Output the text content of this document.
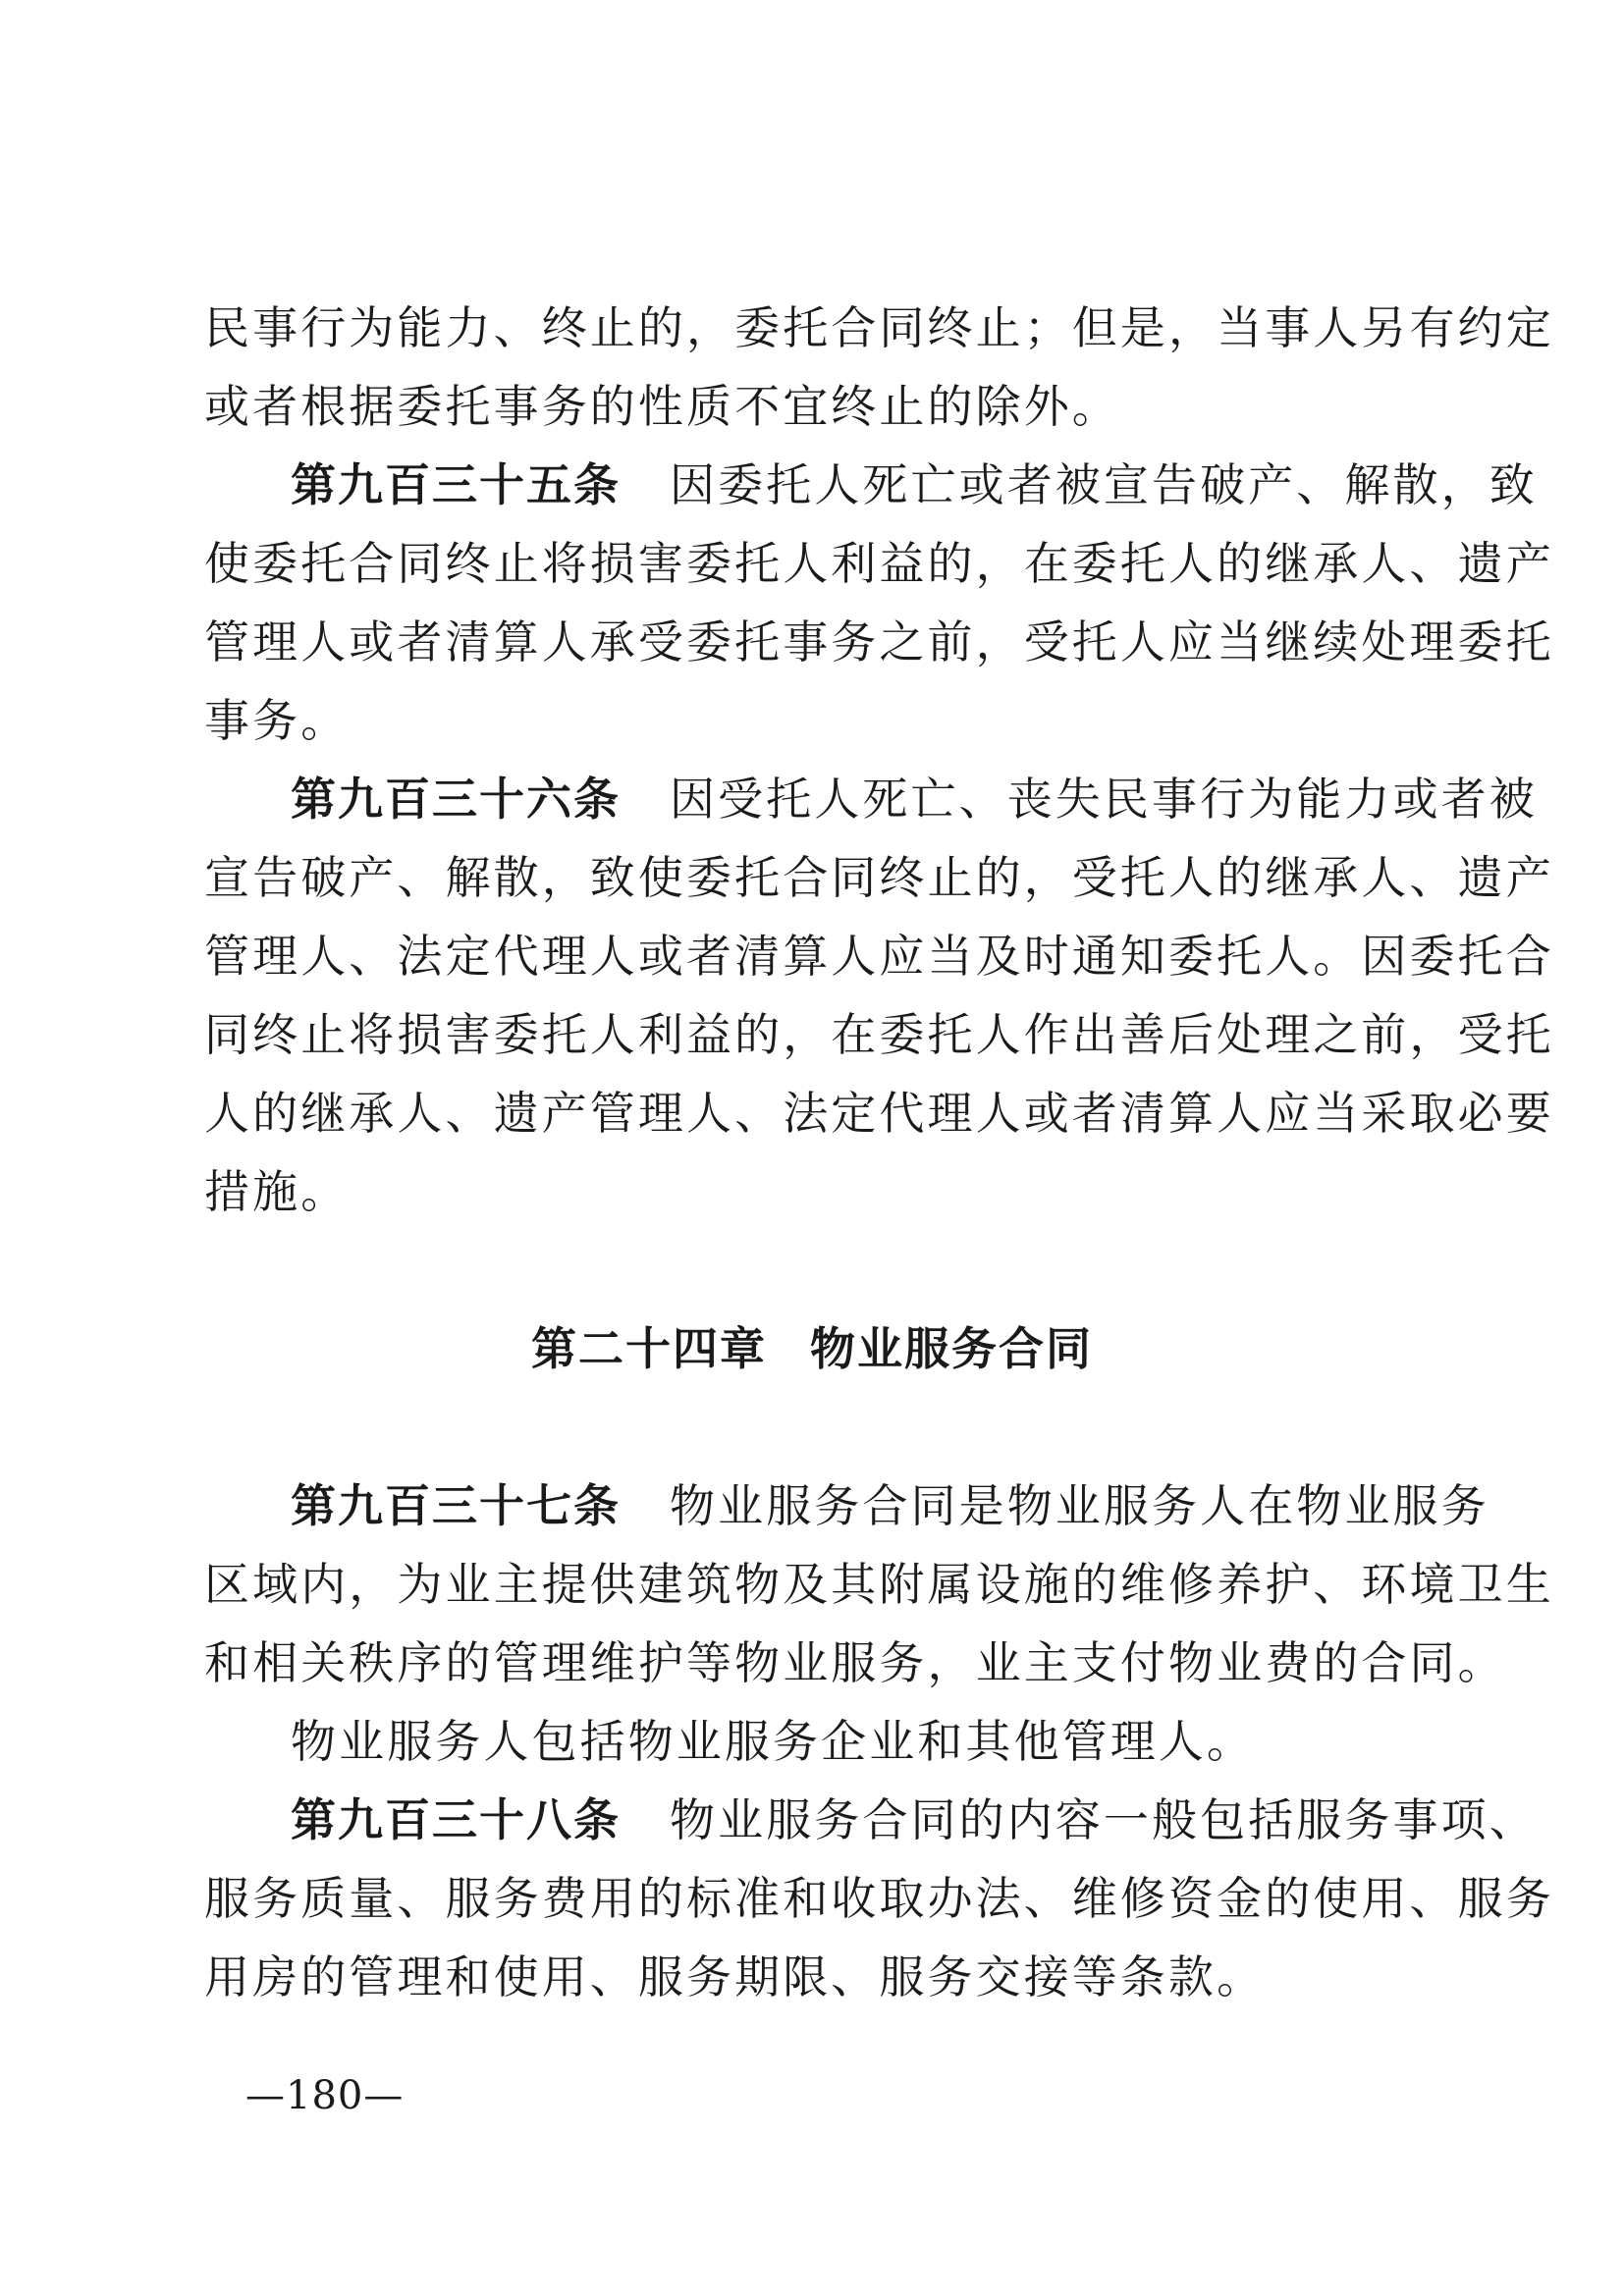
民事行为能力、终止的，委托合同终止；但是，当事人另有约定
或者根据委托事务的性质不宜终止的除外。
第九百三十五条 因委托人死亡或者被宣告破产、解散，致
使委托合同终止将损害委托人利益的，在委托人的继承人、遗产
管理人或者清算人承受委托事务之前，受托人应当继续处理委托
事务。
第九百三十六条 因受托人死亡、丧失民事行为能力或者被
宣告破产、解散，致使委托合同终止的，受托人的继承人、遗产
管理人、法定代理人或者清算人应当及时通知委托人。因委托合
同终止将损害委托人利益的，在委托人作出善后处理之前，受托
人的继承人、遗产管理人、法定代理人或者清算人应当采取必要
措施。
第二十四章 物业服务合同
第九百三十七条 物业服务合同是物业服务人在物业服务
区域内，为业主提供建筑物及其附属设施的维修养护、环境卫生
和相关秩序的管理维护等物业服务，业主支付物业费的合同。
物业服务人包括物业服务企业和其他管理人。
第九百三十八条 物业服务合同的内容一般包括服务事项、
服务质量、服务费用的标准和收取办法、维修资金的使用、服务
用房的管理和使用、服务期限、服务交接等条款。
—180—
